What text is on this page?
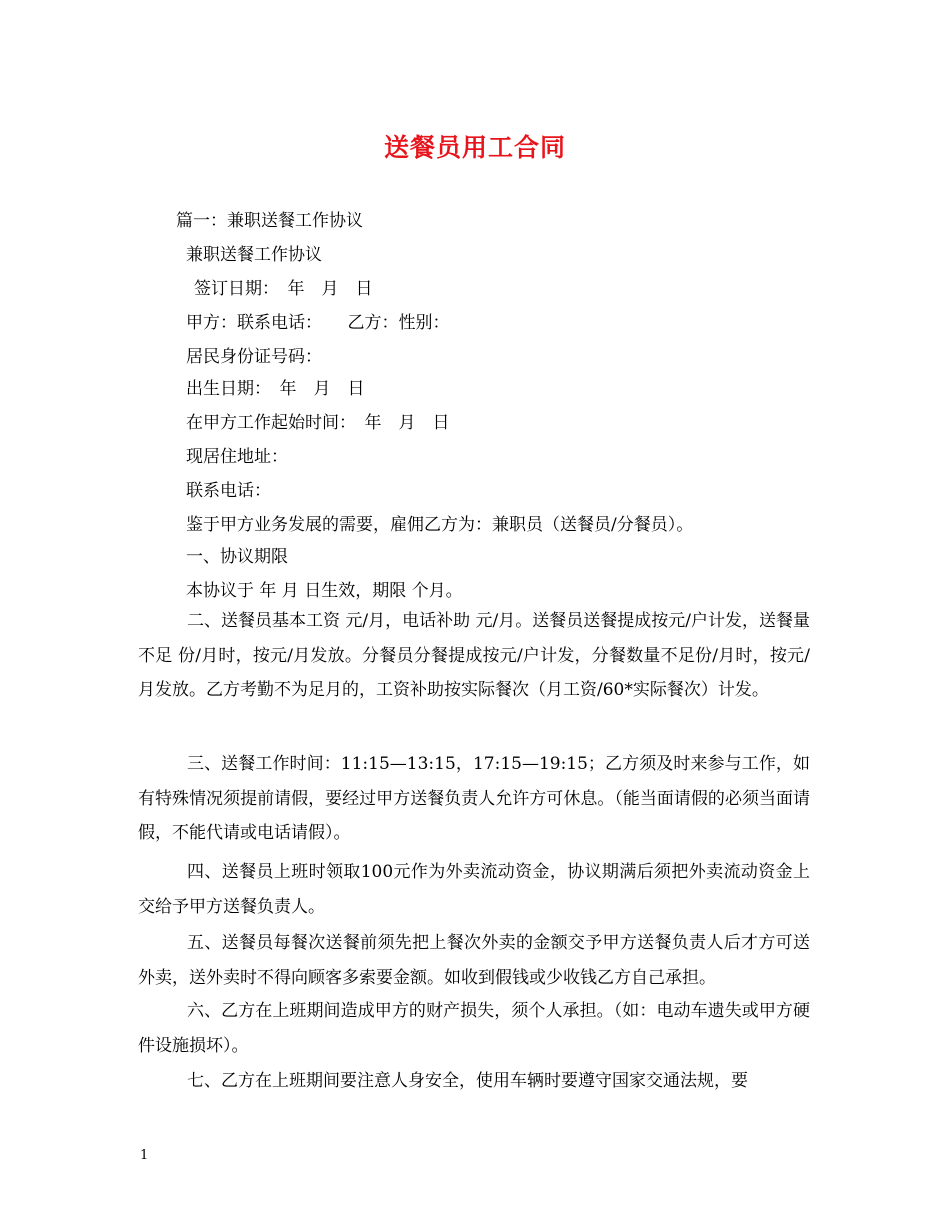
送餐员用工合同
篇一：兼职送餐工作协议
兼职送餐工作协议
签订日期：　年　月　日
甲方：联系电话：　　乙方：性别：
居民身份证号码：
出生日期：　年　月　日
在甲方工作起始时间：　年　月　日
现居住地址：
联系电话：
鉴于甲方业务发展的需要，雇佣乙方为：兼职员（送餐员/分餐员）。
一、协议期限
本协议于 年 月 日生效，期限 个月。
二、送餐员基本工资 元/月，电话补助 元/月。送餐员送餐提成按元/户计发，送餐量不足 份/月时，按元/月发放。分餐员分餐提成按元/户计发，分餐数量不足份/月时，按元/月发放。乙方考勤不为足月的，工资补助按实际餐次（月工资/60*实际餐次）计发。
三、送餐工作时间：11:15—13:15，17:15—19:15；乙方须及时来参与工作，如有特殊情况须提前请假，要经过甲方送餐负责人允许方可休息。（能当面请假的必须当面请假，不能代请或电话请假）。
四、送餐员上班时领取100元作为外卖流动资金，协议期满后须把外卖流动资金上交给予甲方送餐负责人。
五、送餐员每餐次送餐前须先把上餐次外卖的金额交予甲方送餐负责人后才方可送外卖，送外卖时不得向顾客多索要金额。如收到假钱或少收钱乙方自己承担。
六、乙方在上班期间造成甲方的财产损失，须个人承担。（如：电动车遗失或甲方硬件设施损坏）。
七、乙方在上班期间要注意人身安全，使用车辆时要遵守国家交通法规，要
1
